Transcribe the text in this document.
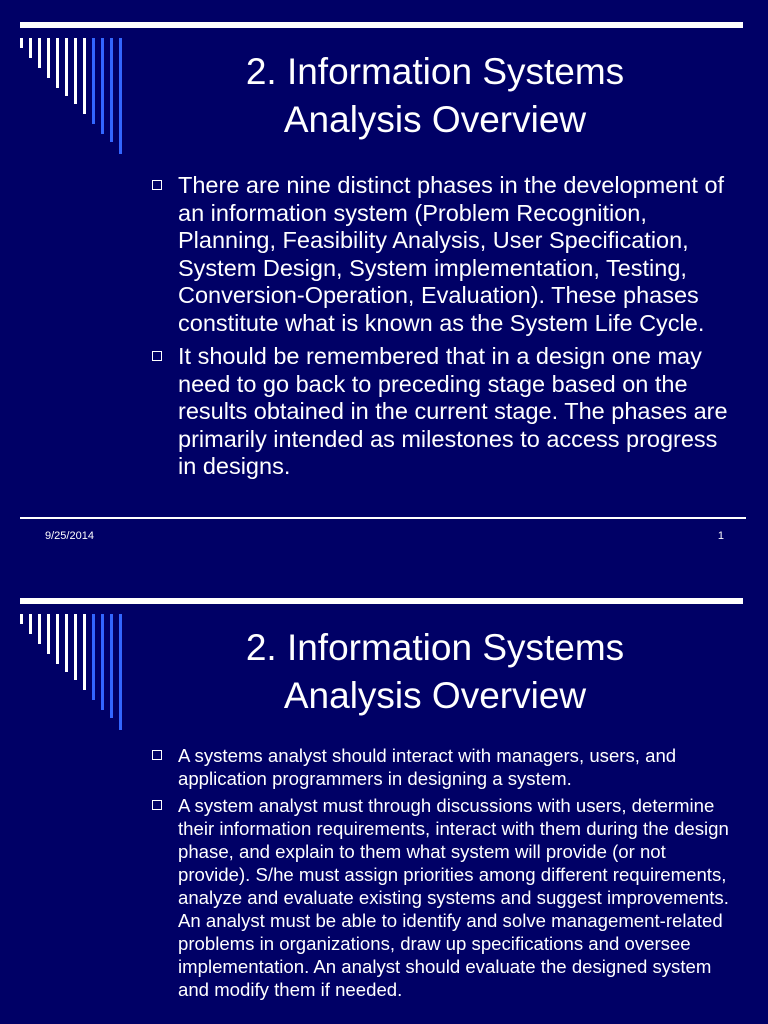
2. Information Systems
Analysis Overview
There are nine distinct phases in the development of an information system (Problem Recognition, Planning, Feasibility Analysis, User Specification, System Design, System implementation, Testing, Conversion-Operation, Evaluation). These phases constitute what is known as the System Life Cycle.
It should be remembered that in a design one may need to go back to preceding stage based on the results obtained in the current stage. The phases are primarily intended as milestones to access progress in designs.
9/25/2014	1
2. Information Systems
Analysis Overview
A systems analyst should interact with managers, users, and application programmers in designing a system.
A system analyst must through discussions with users, determine their information requirements, interact with them during the design phase, and explain to them what system will provide (or not provide). S/he must assign priorities among different requirements, analyze and evaluate existing systems and suggest improvements. An analyst must be able to identify and solve management-related problems in organizations, draw up specifications and oversee implementation. An analyst should evaluate the designed system and modify them if needed.
